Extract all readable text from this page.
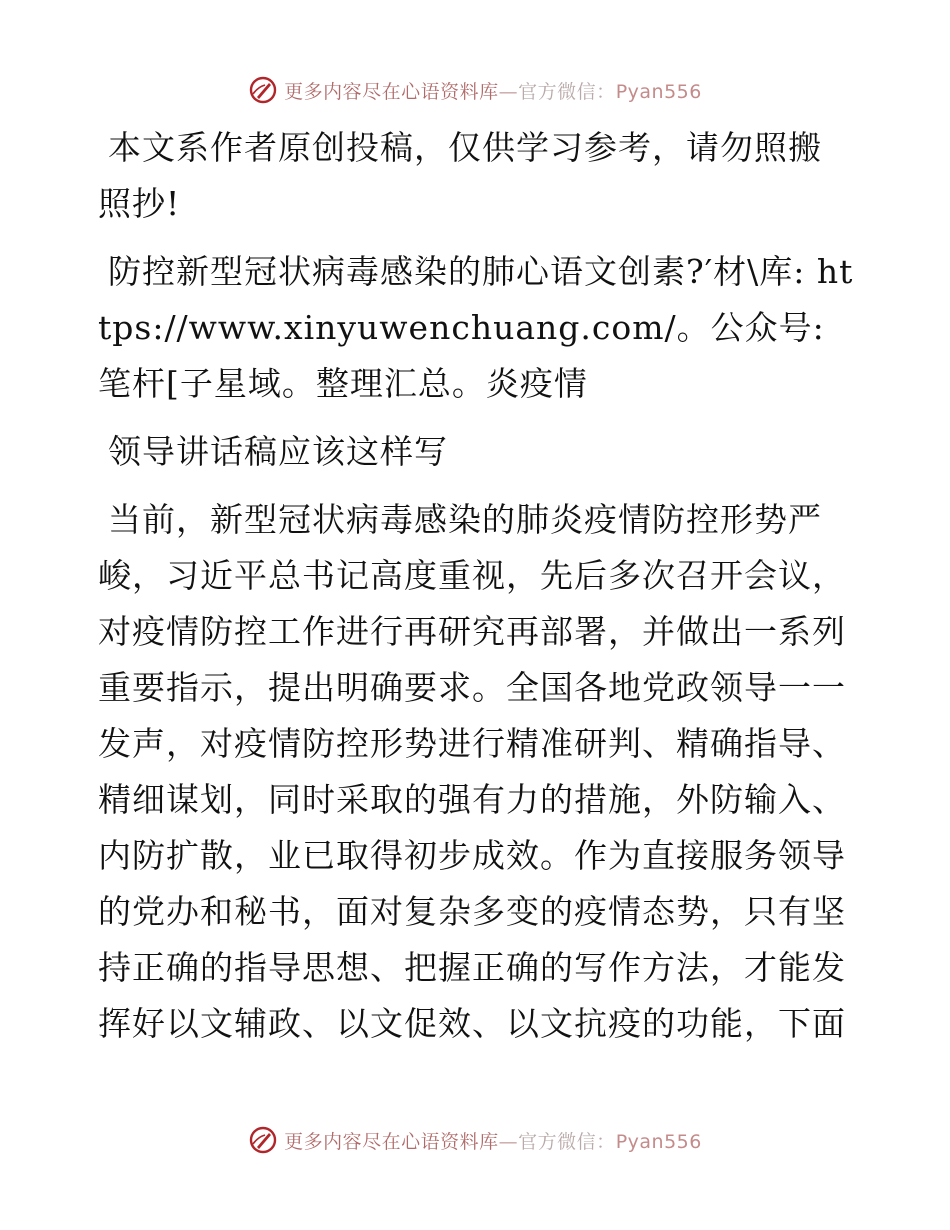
更多内容尽在心语资料库—官方微信：Pyan556

本文系作者原创投稿，仅供学习参考，请勿照搬照抄!

防控新型冠状病毒感染的肺心语文创素?′材\库: https://www.xinyuwenchuang.com/。公众号: 笔杆[子星域。整理汇总。炎疫情

领导讲话稿应该这样写

当前，新型冠状病毒感染的肺炎疫情防控形势严峻，习近平总书记高度重视，先后多次召开会议，对疫情防控工作进行再研究再部署，并做出一系列重要指示，提出明确要求。全国各地党政领导一一发声，对疫情防控形势进行精准研判、精确指导、精细谋划，同时采取的强有力的措施，外防输入、内防扩散，业已取得初步成效。作为直接服务领导的党办和秘书，面对复杂多变的疫情态势，只有坚持正确的指导思想、把握正确的写作方法，才能发挥好以文辅政、以文促效、以文抗疫的功能，下面

更多内容尽在心语资料库—官方微信：Pyan556
